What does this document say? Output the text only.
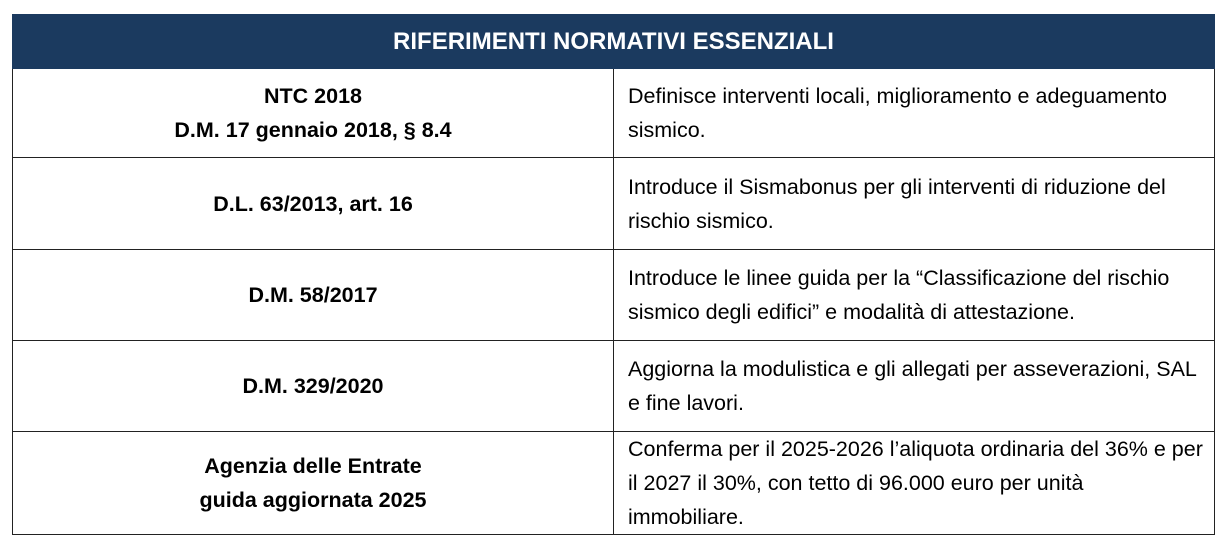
RIFERIMENTI NORMATIVI ESSENZIALI	

NTC 2018
D.M. 17 gennaio 2018, § 8.4	Definisce interventi locali, miglioramento e adeguamento sismico.

D.L. 63/2013, art. 16	Introduce il Sismabonus per gli interventi di riduzione del rischio sismico.

D.M. 58/2017	Introduce le linee guida per la “Classificazione del rischio sismico degli edifici” e modalità di attestazione.

D.M. 329/2020	Aggiorna la modulistica e gli allegati per asseverazioni, SAL e fine lavori.

Agenzia delle Entrate
guida aggiornata 2025	Conferma per il 2025-2026 l’aliquota ordinaria del 36% e per il 2027 il 30%, con tetto di 96.000 euro per unità immobiliare.
